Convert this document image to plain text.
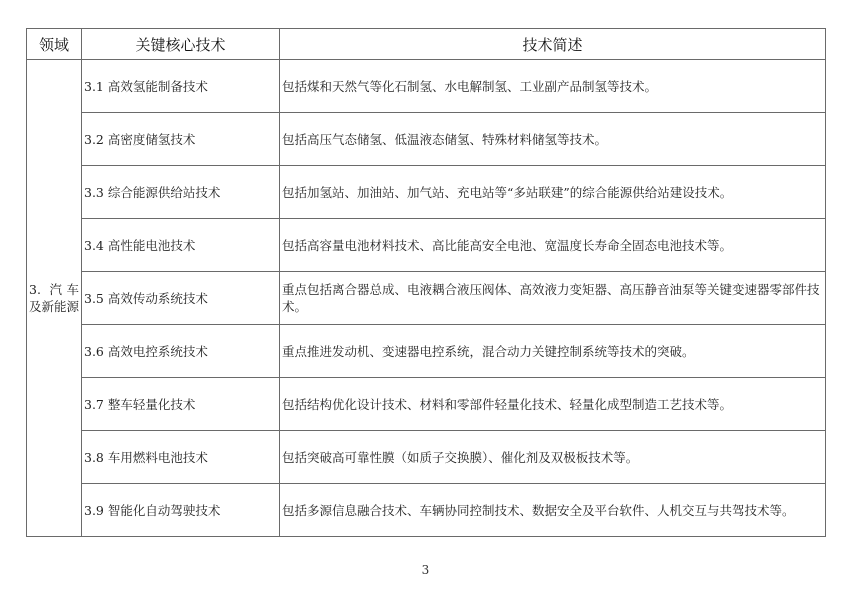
领域	关键核心技术	技术简述
3. 汽车及新能源	3.1 高效氢能制备技术	包括煤和天然气等化石制氢、水电解制氢、工业副产品制氢等技术。
	3.2 高密度储氢技术	包括高压气态储氢、低温液态储氢、特殊材料储氢等技术。
	3.3 综合能源供给站技术	包括加氢站、加油站、加气站、充电站等“多站联建”的综合能源供给站建设技术。
	3.4 高性能电池技术	包括高容量电池材料技术、高比能高安全电池、宽温度长寿命全固态电池技术等。
	3.5 高效传动系统技术	重点包括离合器总成、电液耦合液压阀体、高效液力变矩器、高压静音油泵等关键变速器零部件技术。
	3.6 高效电控系统技术	重点推进发动机、变速器电控系统，混合动力关键控制系统等技术的突破。
	3.7 整车轻量化技术	包括结构优化设计技术、材料和零部件轻量化技术、轻量化成型制造工艺技术等。
	3.8 车用燃料电池技术	包括突破高可靠性膜（如质子交换膜）、催化剂及双极板技术等。
	3.9 智能化自动驾驶技术	包括多源信息融合技术、车辆协同控制技术、数据安全及平台软件、人机交互与共驾技术等。
3
